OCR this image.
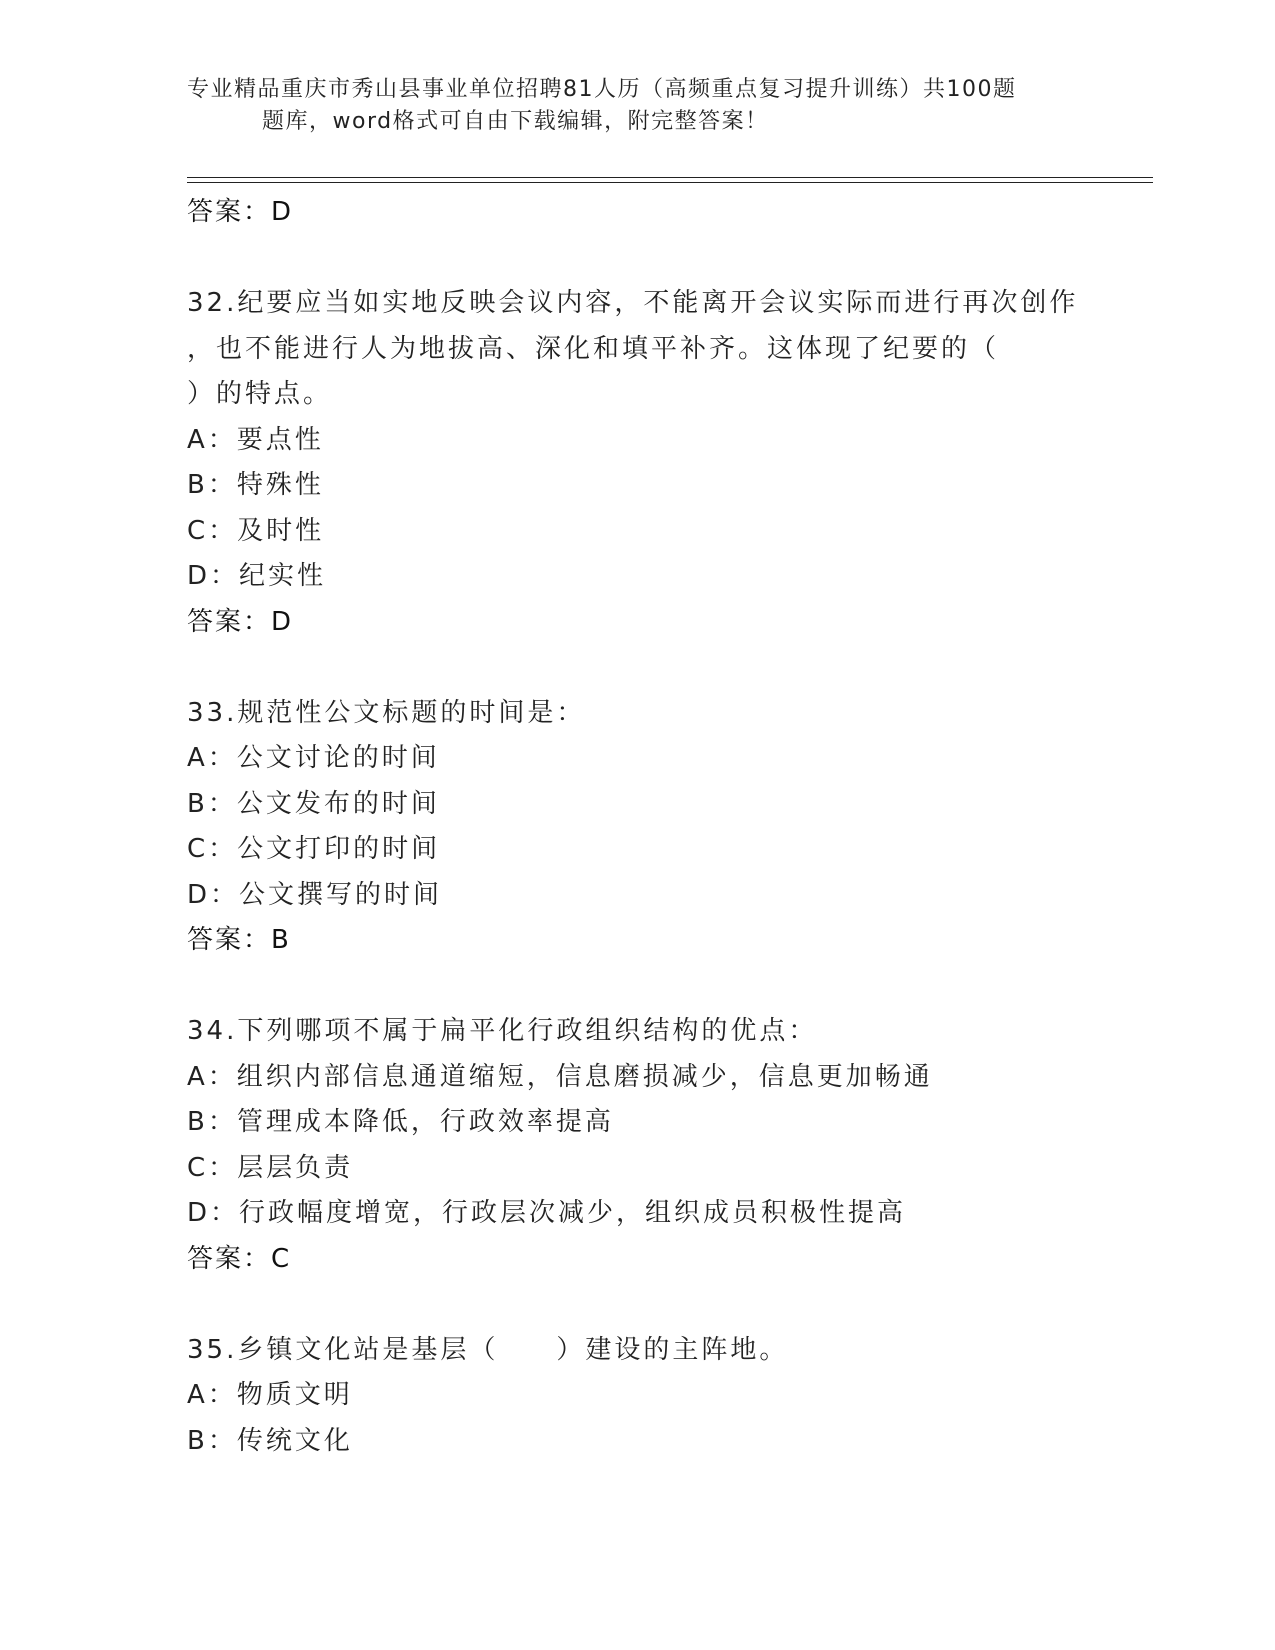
专业精品重庆市秀山县事业单位招聘81人历（高频重点复习提升训练）共100题
题库，word格式可自由下载编辑，附完整答案！
答案：D
32.纪要应当如实地反映会议内容，不能离开会议实际而进行再次创作
，也不能进行人为地拔高、深化和填平补齐。这体现了纪要的（
）的特点。
A：要点性
B：特殊性
C：及时性
D：纪实性
答案：D
33.规范性公文标题的时间是：
A：公文讨论的时间
B：公文发布的时间
C：公文打印的时间
D：公文撰写的时间
答案：B
34.下列哪项不属于扁平化行政组织结构的优点：
A：组织内部信息通道缩短，信息磨损减少，信息更加畅通
B：管理成本降低，行政效率提高
C：层层负责
D：行政幅度增宽，行政层次减少，组织成员积极性提高
答案：C
35.乡镇文化站是基层（　　）建设的主阵地。
A：物质文明
B：传统文化
